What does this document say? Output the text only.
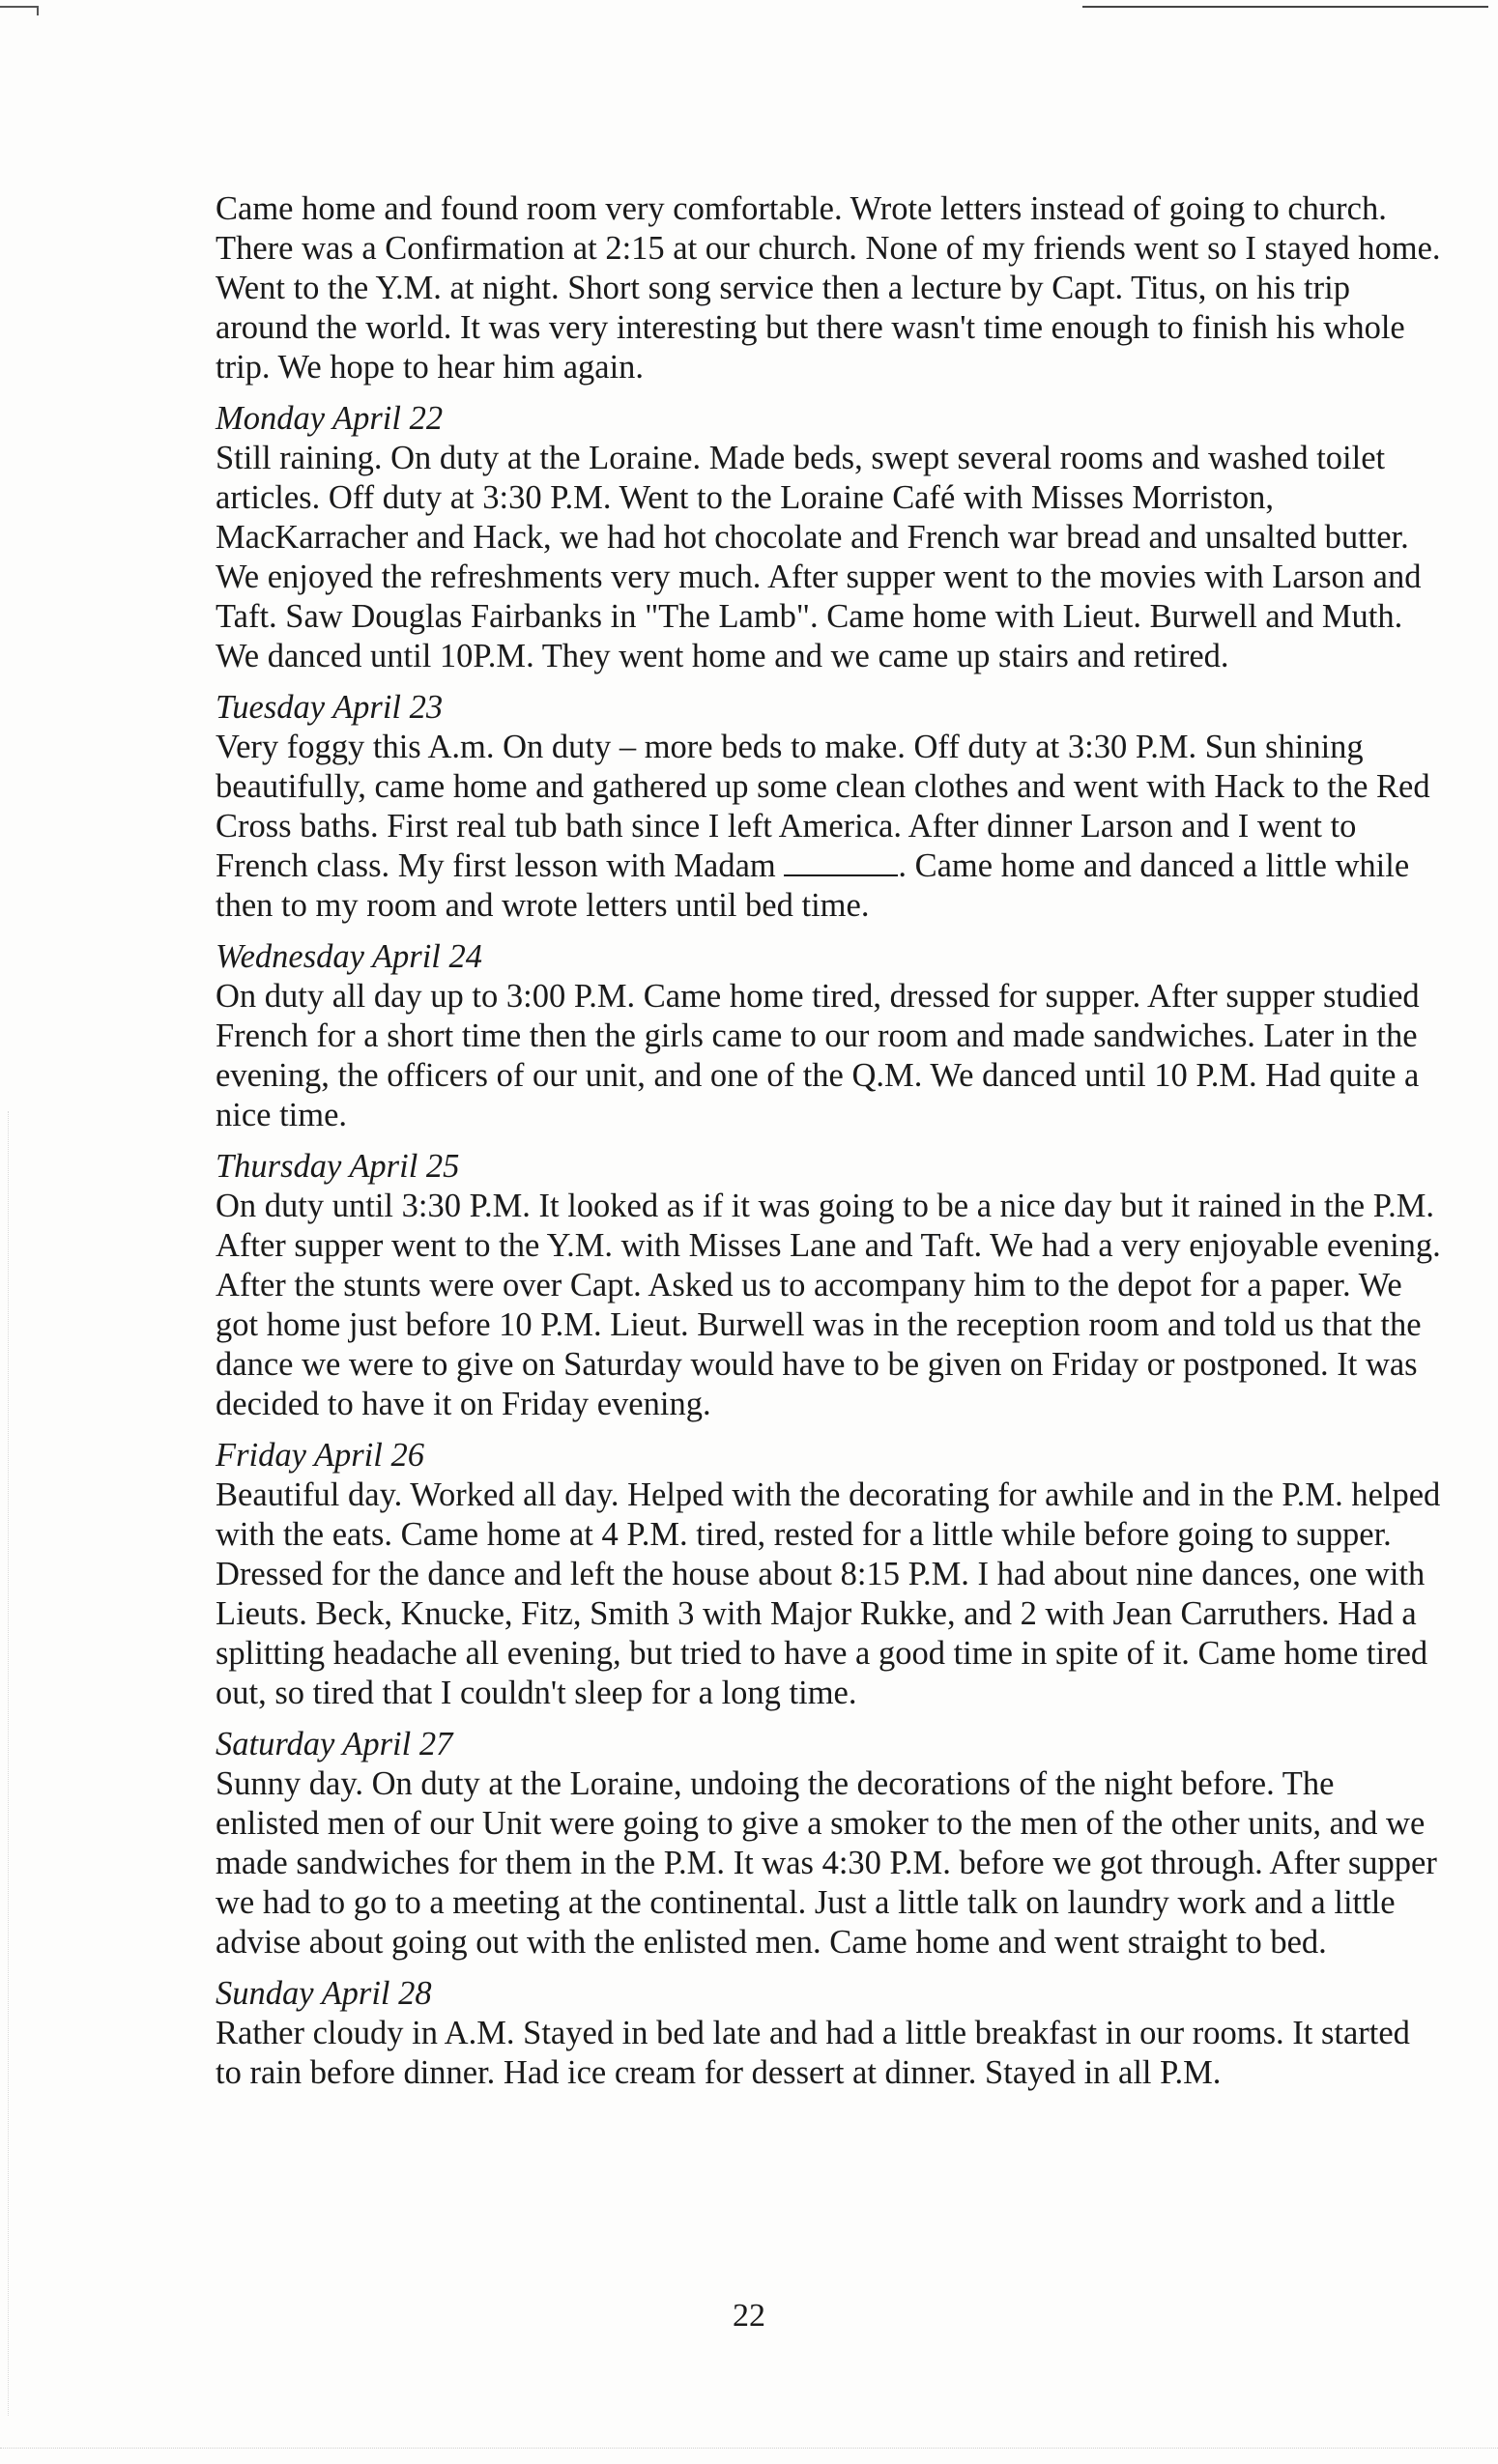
Came home and found room very comfortable. Wrote letters instead of going to church. There was a Confirmation at 2:15 at our church. None of my friends went so I stayed home. Went to the Y.M. at night. Short song service then a lecture by Capt. Titus, on his trip around the world. It was very interesting but there wasn't time enough to finish his whole trip. We hope to hear him again.

Monday April 22

Still raining. On duty at the Loraine. Made beds, swept several rooms and washed toilet articles. Off duty at 3:30 P.M. Went to the Loraine Café with Misses Morriston, MacKarracher and Hack, we had hot chocolate and French war bread and unsalted butter. We enjoyed the refreshments very much. After supper went to the movies with Larson and Taft. Saw Douglas Fairbanks in "The Lamb". Came home with Lieut. Burwell and Muth. We danced until 10P.M. They went home and we came up stairs and retired.

Tuesday April 23

Very foggy this A.m. On duty – more beds to make. Off duty at 3:30 P.M. Sun shining beautifully, came home and gathered up some clean clothes and went with Hack to the Red Cross baths. First real tub bath since I left America. After dinner Larson and I went to French class. My first lesson with Madam	. Came home and danced a little while then to my room and wrote letters until bed time.

Wednesday April 24

On duty all day up to 3:00 P.M. Came home tired, dressed for supper. After supper studied French for a short time then the girls came to our room and made sandwiches. Later in the evening, the officers of our unit, and one of the Q.M. We danced until 10 P.M. Had quite a nice time.

Thursday April 25

On duty until 3:30 P.M. It looked as if it was going to be a nice day but it rained in the P.M. After supper went to the Y.M. with Misses Lane and Taft. We had a very enjoyable evening. After the stunts were over Capt. Asked us to accompany him to the depot for a paper. We got home just before 10 P.M. Lieut. Burwell was in the reception room and told us that the dance we were to give on Saturday would have to be given on Friday or postponed. It was decided to have it on Friday evening.

Friday April 26

Beautiful day. Worked all day. Helped with the decorating for awhile and in the P.M. helped with the eats. Came home at 4 P.M. tired, rested for a little while before going to supper. Dressed for the dance and left the house about 8:15 P.M. I had about nine dances, one with Lieuts. Beck, Knucke, Fitz, Smith 3 with Major Rukke, and 2 with Jean Carruthers. Had a splitting headache all evening, but tried to have a good time in spite of it. Came home tired out, so tired that I couldn't sleep for a long time.

Saturday April 27

Sunny day. On duty at the Loraine, undoing the decorations of the night before. The enlisted men of our Unit were going to give a smoker to the men of the other units, and we made sandwiches for them in the P.M. It was 4:30 P.M. before we got through. After supper we had to go to a meeting at the continental. Just a little talk on laundry work and a little advise about going out with the enlisted men. Came home and went straight to bed.

Sunday April 28

Rather cloudy in A.M. Stayed in bed late and had a little breakfast in our rooms. It started to rain before dinner. Had ice cream for dessert at dinner. Stayed in all P.M.

22
